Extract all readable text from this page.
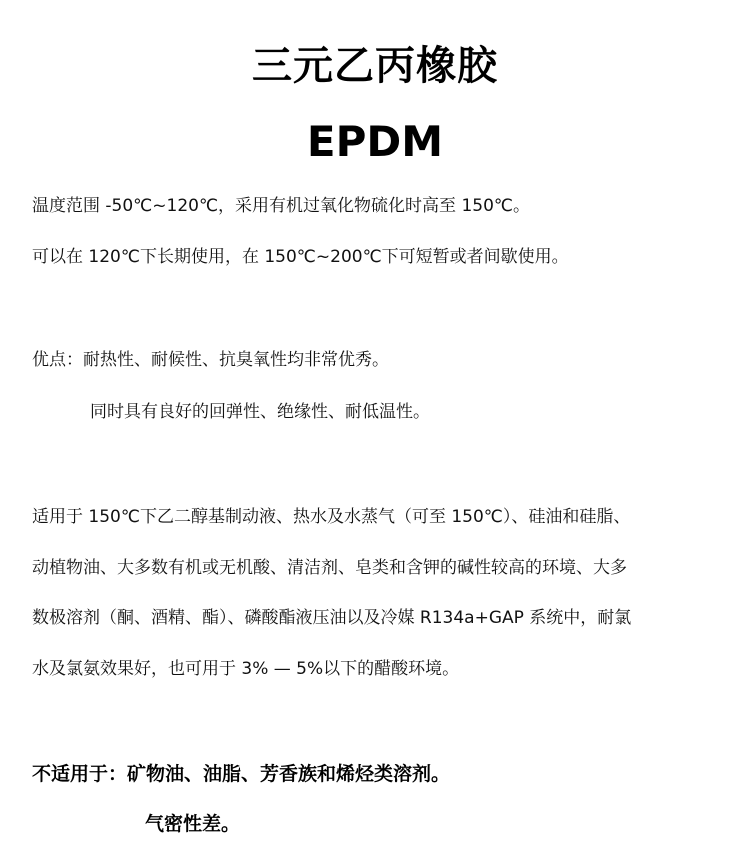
三元乙丙橡胶
EPDM

温度范围 -50℃~120℃，采用有机过氧化物硫化时高至 150℃。

可以在 120℃下长期使用，在 150℃~200℃下可短暂或者间歇使用。

优点：耐热性、耐候性、抗臭氧性均非常优秀。

同时具有良好的回弹性、绝缘性、耐低温性。

适用于 150℃下乙二醇基制动液、热水及水蒸气（可至 150℃）、硅油和硅脂、

动植物油、大多数有机或无机酸、清洁剂、皂类和含钾的碱性较高的环境、大多

数极溶剂（酮、酒精、酯）、磷酸酯液压油以及冷媒 R134a+GAP 系统中，耐氯

水及氯氨效果好，也可用于 3% — 5%以下的醋酸环境。

不适用于：矿物油、油脂、芳香族和烯烃类溶剂。

气密性差。
